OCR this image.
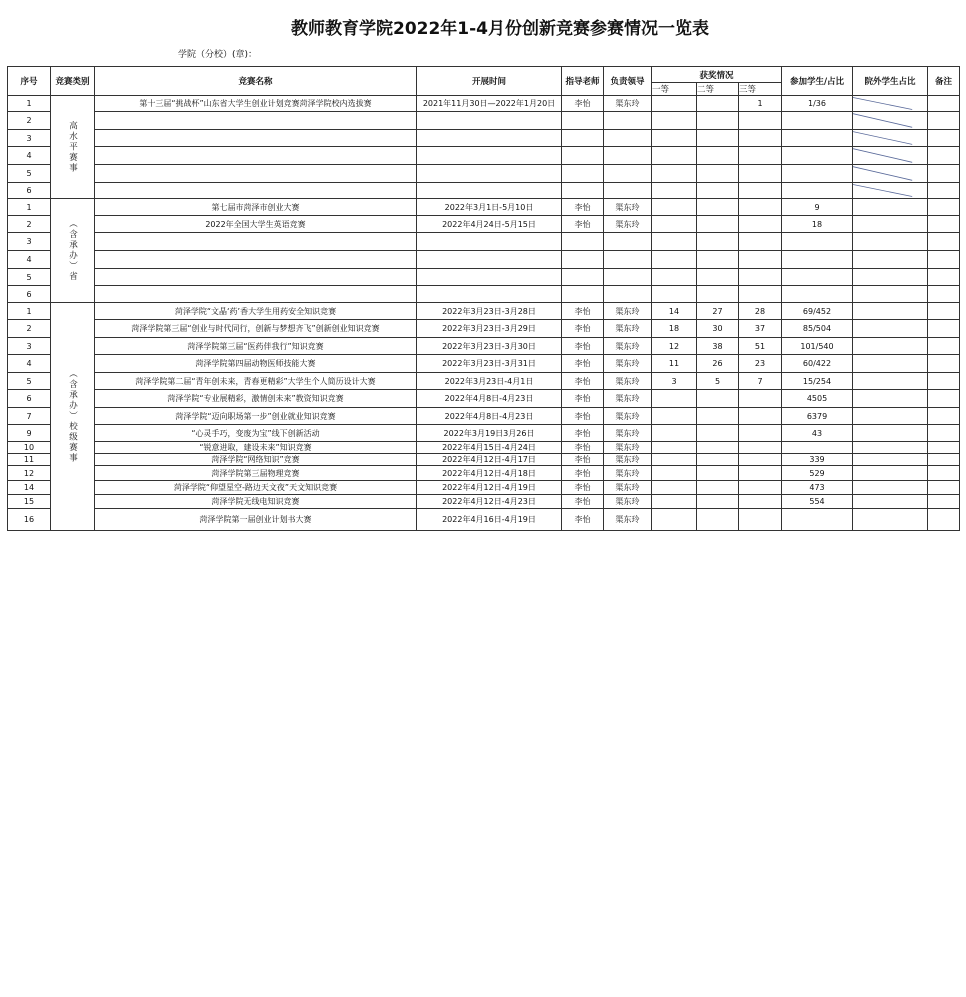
教师教育学院2022年1-4月份创新竞赛参赛情况一览表
学院（分校）(章)：
序号	竞赛类别	竞赛名称	开展时间	指导老师	负责领导	获奖情况			参加学生/占比	院外学生占比	备注
						一等	二等	三等			
1	高水平赛事	第十三届“挑战杯”山东省大学生创业计划竞赛菏泽学院校内选拔赛	2021年11月30日—2022年1月20日	李怡	渠东玲			1	1/36	

2									

3									

4									

5									

6									

1	（含承办）省	第七届市菏泽市创业大赛	2022年3月1日-5月10日	李怡	渠东玲				9		
2		2022年全国大学生英语竞赛	2022年4月24日-5月15日	李怡	渠东玲				18		
3											
4											
5											
6											
1	（含承办）校级赛事	菏泽学院“文晶‘药’香大学生用药安全知识竞赛	2022年3月23日-3月28日	李怡	渠东玲	14	27	28	69/452		
2		菏泽学院第三届“创业与时代同行，创新与梦想齐飞”创新创业知识竞赛	2022年3月23日-3月29日	李怡	渠东玲	18	30	37	85/504		
3		菏泽学院第三届“医药伴我行”知识竞赛	2022年3月23日-3月30日	李怡	渠东玲	12	38	51	101/540		
4		菏泽学院第四届动物医师技能大赛	2022年3月23日-3月31日	李怡	渠东玲	11	26	23	60/422		
5		菏泽学院第二届“青年创未来，青春更精彩”大学生个人简历设计大赛	2022年3月23日-4月1日	李怡	渠东玲	3	5	7	15/254		
6		菏泽学院“专业展精彩，激情创未来”教资知识竞赛	2022年4月8日-4月23日	李怡	渠东玲				4505		
7		菏泽学院“迈向职场第一步”创业就业知识竞赛	2022年4月8日-4月23日	李怡	渠东玲				6379		
9		“心灵手巧，变废为宝”线下创新活动	2022年3月19日3月26日	李怡	渠东玲				43		
10		“锐意进取，建设未来”知识竞赛	2022年4月15日-4月24日	李怡	渠东玲						
11		菏泽学院“网络知识”竞赛	2022年4月12日-4月17日	李怡	渠东玲				339		
12		菏泽学院第三届物理竞赛	2022年4月12日-4月18日	李怡	渠东玲				529		
14		菏泽学院“仰望星空-路边天文夜”天文知识竞赛	2022年4月12日-4月19日	李怡	渠东玲				473		
15		菏泽学院无线电知识竞赛	2022年4月12日-4月23日	李怡	渠东玲				554		
16		菏泽学院第一届创业计划书大赛	2022年4月16日-4月19日	李怡	渠东玲						
